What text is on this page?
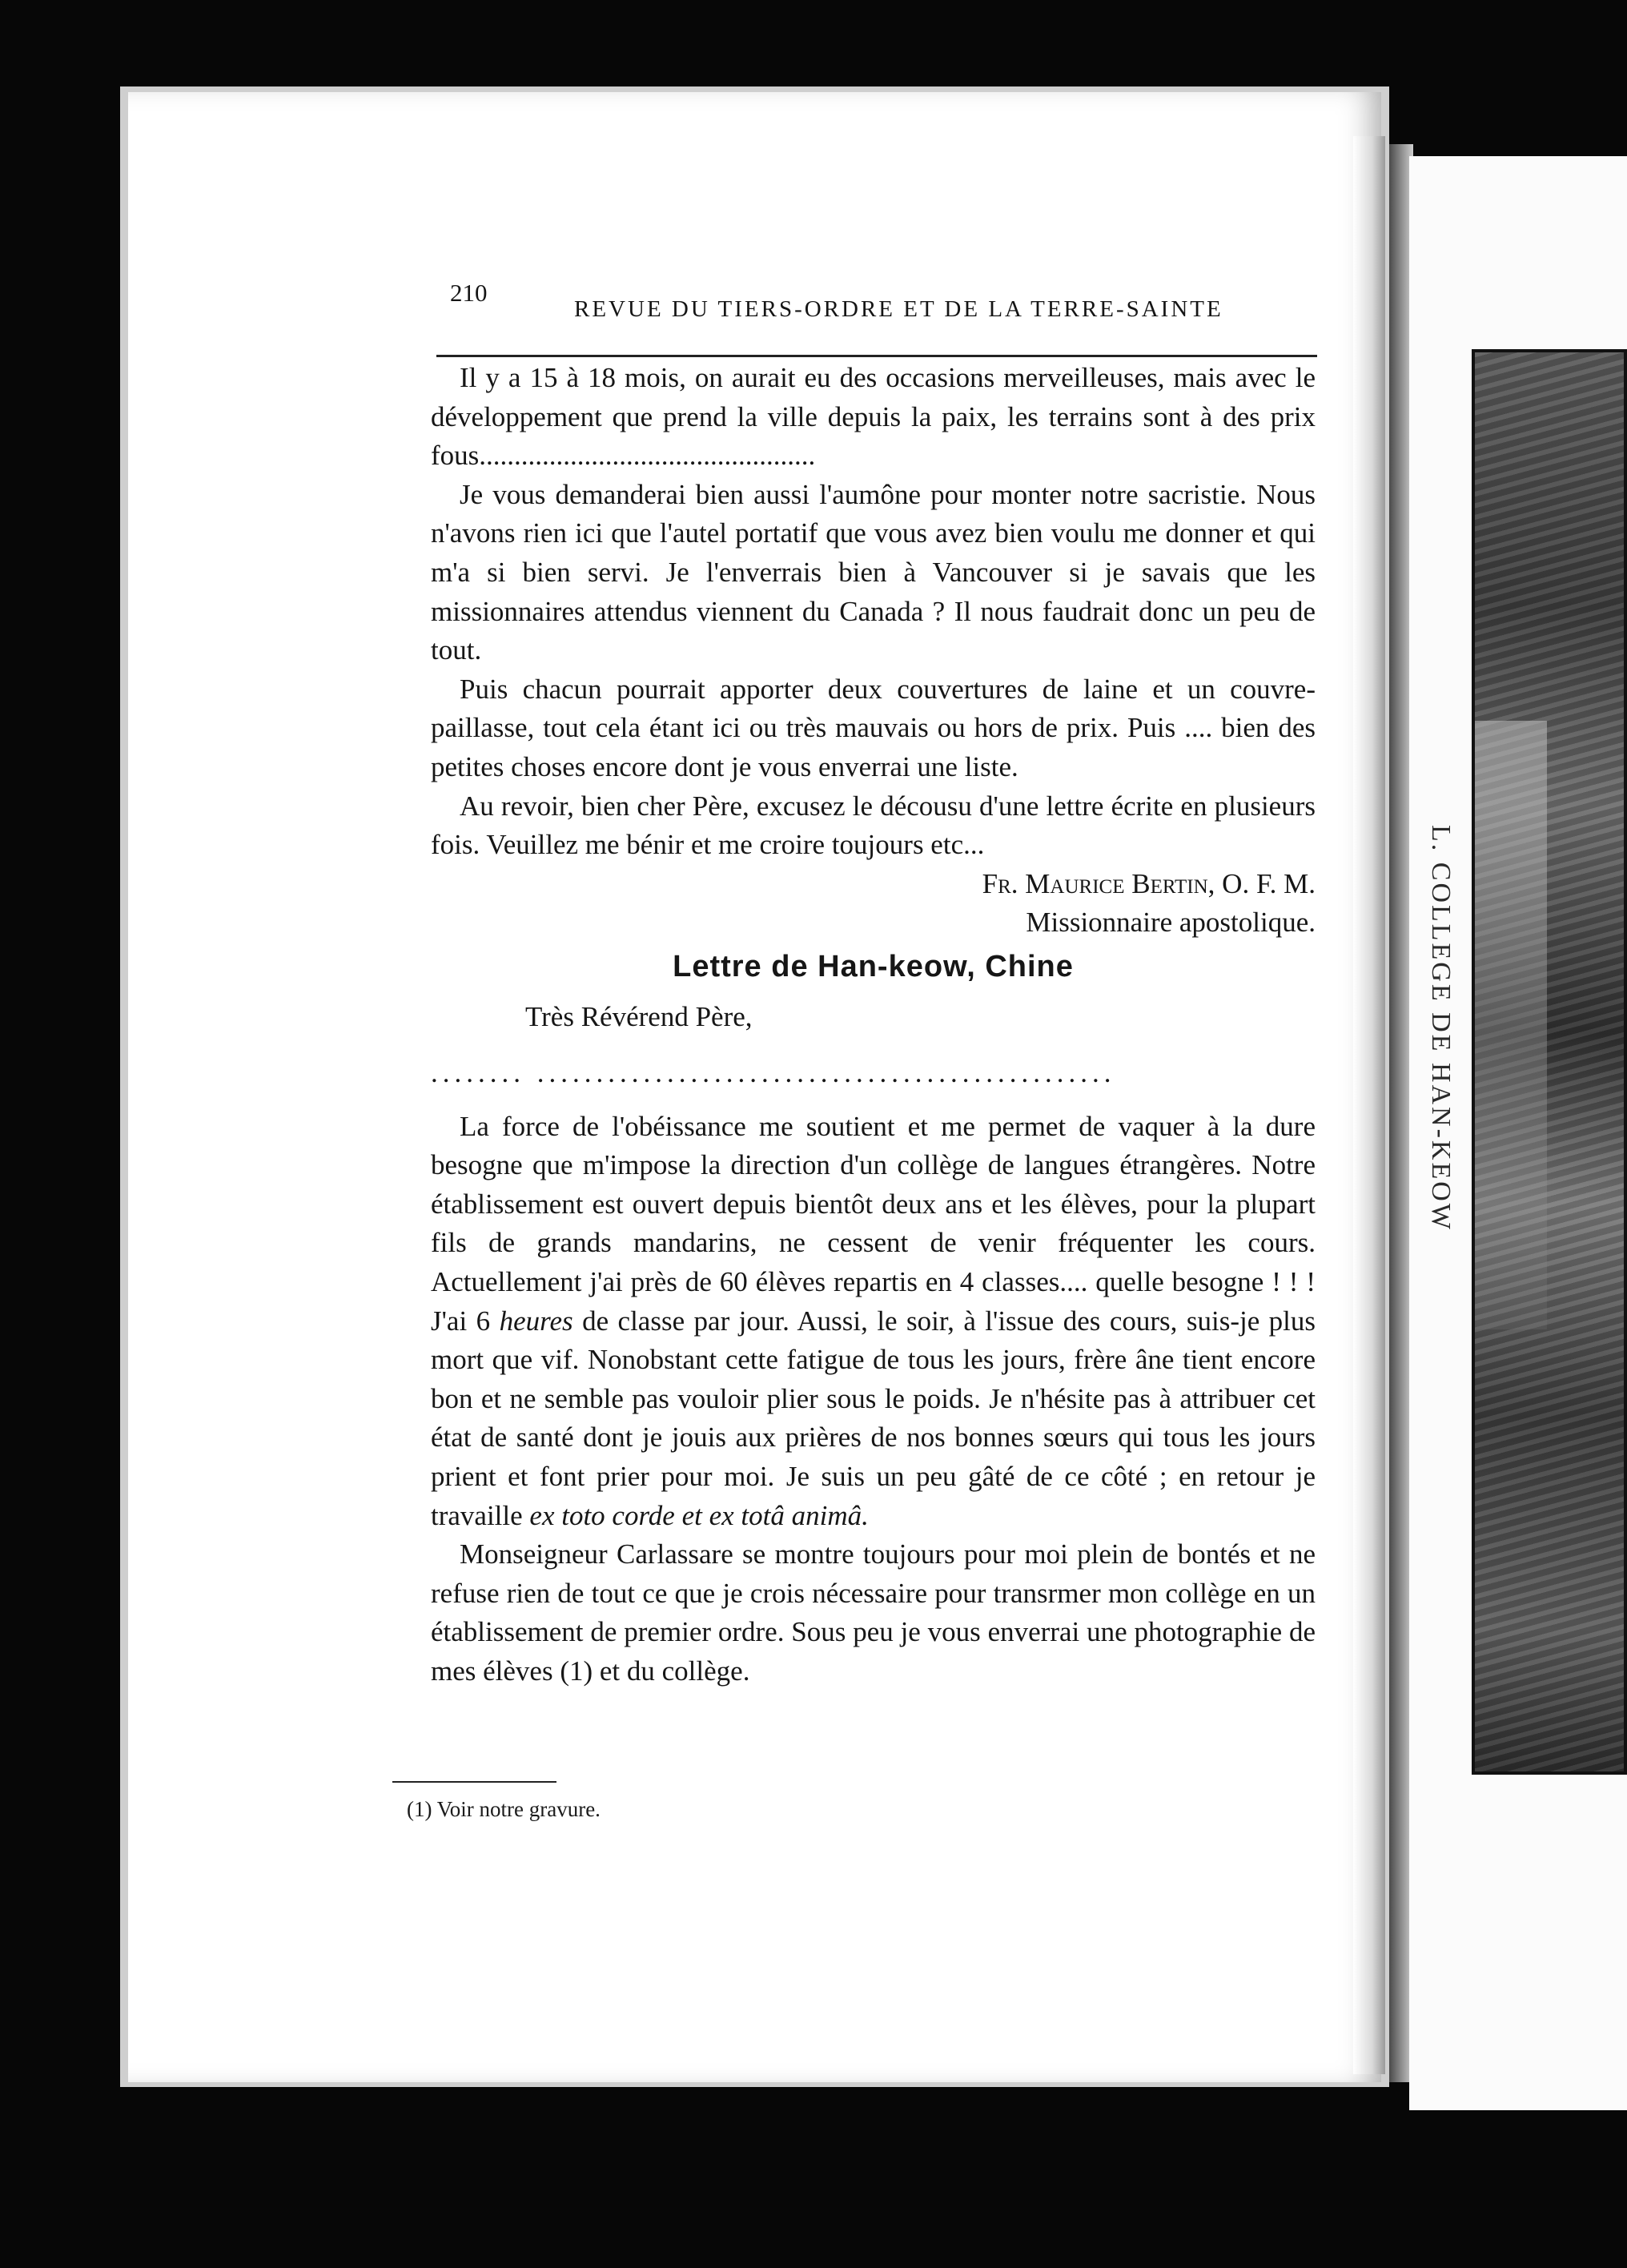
210
REVUE DU TIERS-ORDRE ET DE LA TERRE-SAINTE

Il y a 15 à 18 mois, on aurait eu des occasions merveilleuses, mais avec le développement que prend la ville depuis la paix, les terrains sont à des prix fous................................................

Je vous demanderai bien aussi l'aumône pour monter notre sacristie. Nous n'avons rien ici que l'autel portatif que vous avez bien voulu me donner et qui m'a si bien servi. Je l'enverrais bien à Vancouver si je savais que les missionnaires attendus viennent du Canada ? Il nous faudrait donc un peu de tout.

Puis chacun pourrait apporter deux couvertures de laine et un couvre-paillasse, tout cela étant ici ou très mauvais ou hors de prix. Puis .... bien des petites choses encore dont je vous enverrai une liste.

Au revoir, bien cher Père, excusez le décousu d'une lettre écrite en plusieurs fois. Veuillez me bénir et me croire toujours etc...

Fr. Maurice Bertin, O. F. M.

Missionnaire apostolique.

Lettre de Han-keow, Chine

Très Révérend Père,

........ .................................................

La force de l'obéissance me soutient et me permet de vaquer à la dure besogne que m'impose la direction d'un collège de langues étrangères. Notre établissement est ouvert depuis bientôt deux ans et les élèves, pour la plupart fils de grands mandarins, ne cessent de venir fréquenter les cours. Actuellement j'ai près de 60 élèves repartis en 4 classes.... quelle besogne ! ! ! J'ai 6 heures de classe par jour. Aussi, le soir, à l'issue des cours, suis-je plus mort que vif. Nonobstant cette fatigue de tous les jours, frère âne tient encore bon et ne semble pas vouloir plier sous le poids. Je n'hésite pas à attribuer cet état de santé dont je jouis aux prières de nos bonnes sœurs qui tous les jours prient et font prier pour moi. Je suis un peu gâté de ce côté ; en retour je travaille ex toto corde et ex totâ animâ.

Monseigneur Carlassare se montre toujours pour moi plein de bontés et ne refuse rien de tout ce que je crois nécessaire pour transrmer mon collège en un établissement de premier ordre. Sous peu je vous enverrai une photographie de mes élèves (1) et du collège.

(1) Voir notre gravure.
